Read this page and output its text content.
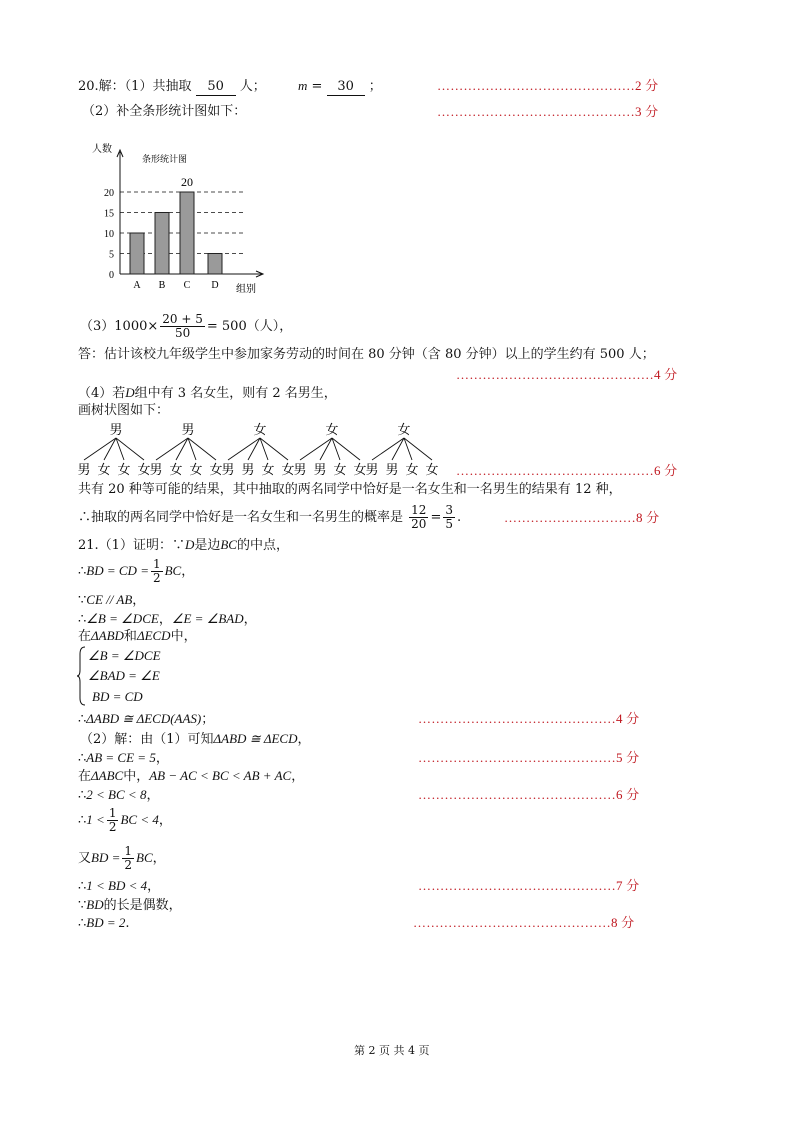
20.解：（1）共抽取 50 人； m = 30 ；	………………………………………2 分
（2）补全条形统计图如下：	………………………………………3 分
人数
条形统计图
组别
0
5
10
15
20
A B C D
20
$(3)1000\times \frac{20 + 5}{50} = 500$（人），
答：估计该校九年级学生中参加家务劳动的时间在 80 分钟（含 80 分钟）以上的学生约有 500 人；
………………………………………4 分
（4）若D组中有 3 名女生，则有 2 名男生，
画树状图如下：
男
男 女 女 女
男
男 女 女 女
女
男 男 女 女
女
男 男 女 女
女
男 男 女 女 ………………………………………6 分
共有 20 种等可能的结果，其中抽取的两名同学中恰好是一名女生和一名男生的结果有 12 种，
∴抽取的两名同学中恰好是一名女生和一名男生的概率是 $\frac{12}{20} = \frac{3}{5}$ .	…………………………8 分
21.（1）证明：∵D是边BC的中点，
∴BD = CD = $\frac{1}{2}$ BC，
∵CE // AB，
∴∠B = ∠DCE，∠E = ∠BAD，
在ΔABD和ΔECD中，
∠B = ∠DCE
∠BAD = ∠E
BD = CD
∴ΔABD ≅ ΔECD(AAS)；	………………………………………4 分
（2）解：由（1）可知ΔABD ≅ ΔECD，
∴AB = CE = 5，	………………………………………5 分
在ΔABC中，AB − AC < BC < AB + AC，
∴2 < BC < 8，	………………………………………6 分
∴1 < $\frac{1}{2}$ BC < 4，
又BD = $\frac{1}{2}$ BC，
∴1 < BD < 4，	………………………………………7 分
∵BD的长是偶数，
∴BD = 2.	………………………………………8 分
第 2 页 共 4 页
